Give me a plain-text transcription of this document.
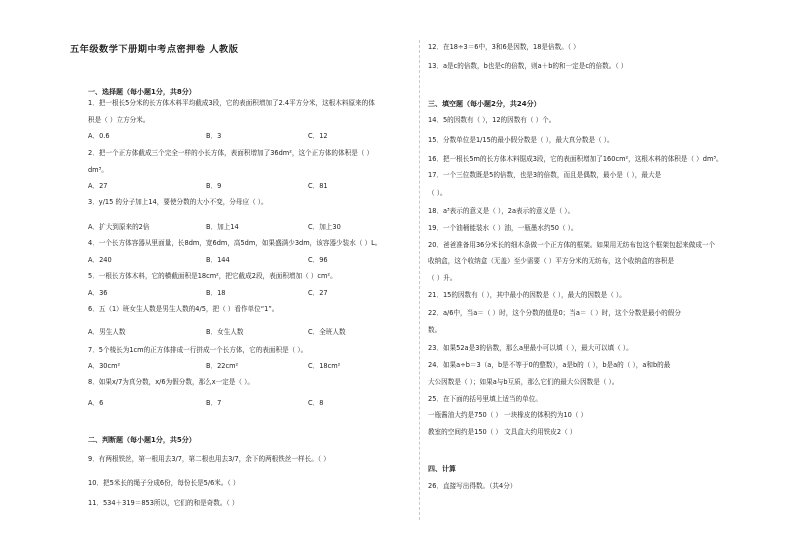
五年级数学下册期中考点密押卷 人教版
一、选择题（每小题1分，共8分）
1．把一根长5分米的长方体木料平均截成3段，它的表面积增加了2.4平方分米，这根木料原来的体
积是（ ）立方分米。
2．把一个正方体截成三个完全一样的小长方体，表面积增加了36dm²，这个正方体的体积是（ ）
dm³。
3．y/15 的分子加上14，要使分数的大小不变，分母应（ ）。
4．一个长方体容器从里面量，长8dm，宽6dm，高5dm，如果盛满少3dm，该容器少装水（ ）L。
5．一根长方体木料，它的横截面积是18cm²，把它截成2段，表面积增加（ ）cm²。
6．五（1）班女生人数是男生人数的4/5，把（ ）看作单位“1”。
7．5个棱长为1cm的正方体排成一行拼成一个长方体，它的表面积是（ ）。
8．如果x/7为真分数，x/6为假分数，那么x一定是（ ）。
二、判断题（每小题1分，共5分）
9．有两根铁丝，第一根用去3/7，第二根也用去3/7，余下的两根铁丝一样长。（ ）
10．把5米长的绳子分成6份，每份长是5/6米。（ ）
11．534＋319＝853所以，它们的和是奇数。（ ）
A．0.6	B．3	C．12
A．27	B．9	C．81
A．扩大到原来的2倍	B．加上14	C．加上30
A．240	B．144	C．96
A．36	B．18	C．27
A．男生人数	B．女生人数	C．全班人数
A．30cm²	B．22cm²	C．18cm²
A．6	B．7	C．8
12．在18÷3＝6中，3和6是因数，18是倍数。（ ）
13．a是c的倍数，b也是c的倍数，则a＋b的和一定是c的倍数。（ ）
三、填空题（每小题2分，共24分）
14．5的因数有（ ），12的因数有（ ）个。
15．分数单位是1/15的最小假分数是（ ），最大真分数是（ ）。
16．把一根长5m的长方体木料锯成3段，它的表面积增加了160cm²，这根木料的体积是（ ）dm³。
17．一个三位数既是5的倍数，也是3的倍数，而且是偶数，最小是（ ），最大是
（ ）。
18．a³表示的意义是（ ），2a表示的意义是（ ）。
19．一个油桶能装水（ ）油，一瓶墨水约50（ ）。
20．爸爸准备用36分米长的细木条做一个正方体的框架。如果用无纺布包这个框架包起来做成一个
收纳盒，这个收纳盒（无盖）至少需要（ ）平方分米的无纺布，这个收纳盒的容积是
（ ）升。
21．15的因数有（ ），其中最小的因数是（ ），最大的因数是（ ）。
22．a/6中，当a＝（ ）时，这个分数的值是0；当a＝（ ）时，这个分数是最小的假分
数。
23．如果52a是3的倍数，那么a里最小可以填（ ），最大可以填（ ）。
24．如果a÷b＝3（a，b是不等于0的整数），a是b的（ ），b是a的（ ），a和b的最
大公因数是（ ）；如果a与b互质，那么它们的最大公因数是（ ）。
25．在下面的括号里填上适当的单位。
一瓶酱油大约是750（ ） 一块橡皮的体积约为10（ ）
教室的空间约是150（ ） 文具盒大约用铁皮2（ ）
四、计算
26．直接写出得数。（共4分）
